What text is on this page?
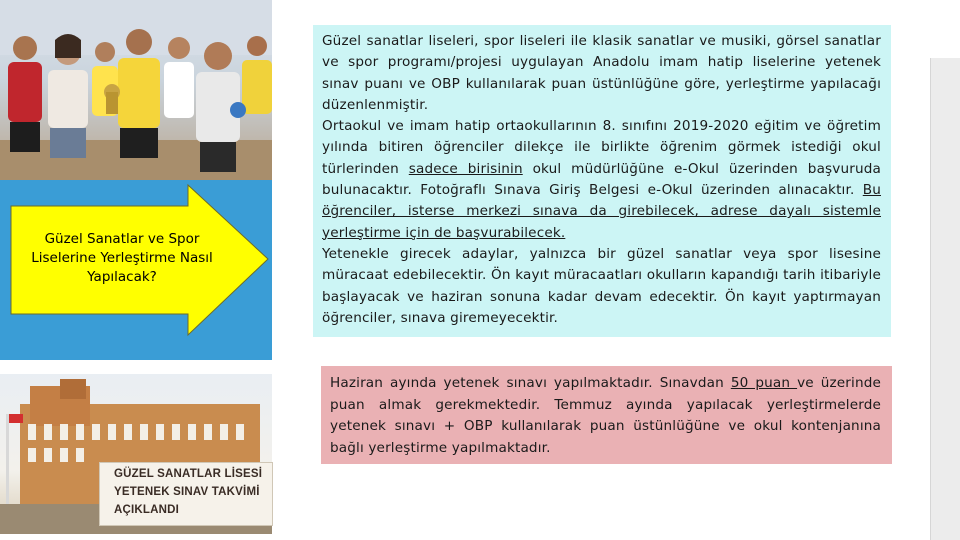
Güzel Sanatlar ve Spor Liselerine Yerleştirme Nasıl Yapılacak?
GÜZEL SANATLAR LİSESİ
YETENEK SINAV TAKVİMİ
AÇIKLANDI
Güzel sanatlar liseleri, spor liseleri ile klasik sanatlar ve musiki, görsel sanatlar ve spor programı/projesi uygulayan Anadolu imam hatip liselerine yetenek sınav puanı ve OBP kullanılarak puan üstünlüğüne göre, yerleştirme yapılacağı düzenlenmiştir.
Ortaokul ve imam hatip ortaokullarının 8. sınıfını 2019-2020 eğitim ve öğretim yılında bitiren öğrenciler dilekçe ile birlikte öğrenim görmek istediği okul türlerinden sadece birisinin okul müdürlüğüne e-Okul üzerinden başvuruda bulunacaktır. Fotoğraflı Sınava Giriş Belgesi e-Okul üzerinden alınacaktır. Bu öğrenciler, isterse merkezi sınava da girebilecek, adrese dayalı sistemle yerleştirme için de başvurabilecek.
Yetenekle girecek adaylar, yalnızca bir güzel sanatlar veya spor lisesine müracaat edebilecektir. Ön kayıt müracaatları okulların kapandığı tarih itibariyle başlayacak ve haziran sonuna kadar devam edecektir. Ön kayıt yaptırmayan öğrenciler, sınava giremeyecektir.
Haziran ayında yetenek sınavı yapılmaktadır. Sınavdan 50 puan ve üzerinde puan almak gerekmektedir. Temmuz ayında yapılacak yerleştirmelerde yetenek sınavı + OBP kullanılarak puan üstünlüğüne ve okul kontenjanına bağlı yerleştirme yapılmaktadır.
